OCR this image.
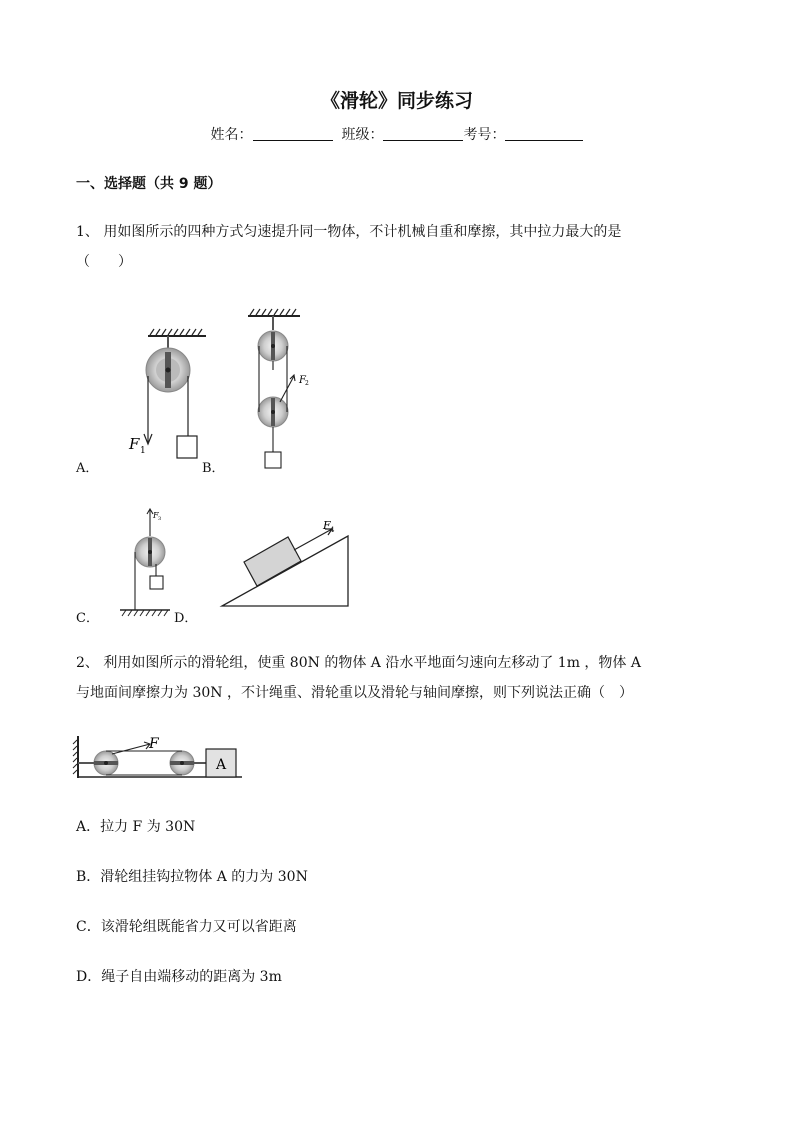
《滑轮》同步练习
姓名：	班级：	考号：
一、选择题（共 9 题）
1、 用如图所示的四种方式匀速提升同一物体，不计机械自重和摩擦，其中拉力最大的是
（　　）
A．	B．
C．	D．
F 1
F 2
F 3	F 4
2、 利用如图所示的滑轮组，使重 80N 的物体 A 沿水平地面匀速向左移动了 1m ，物体 A
与地面间摩擦力为 30N ，不计绳重、滑轮重以及滑轮与轴间摩擦，则下列说法正确（　）
F
A
A．拉力 F 为 30N
B．滑轮组挂钩拉物体 A 的力为 30N
C．该滑轮组既能省力又可以省距离
D．绳子自由端移动的距离为 3m
